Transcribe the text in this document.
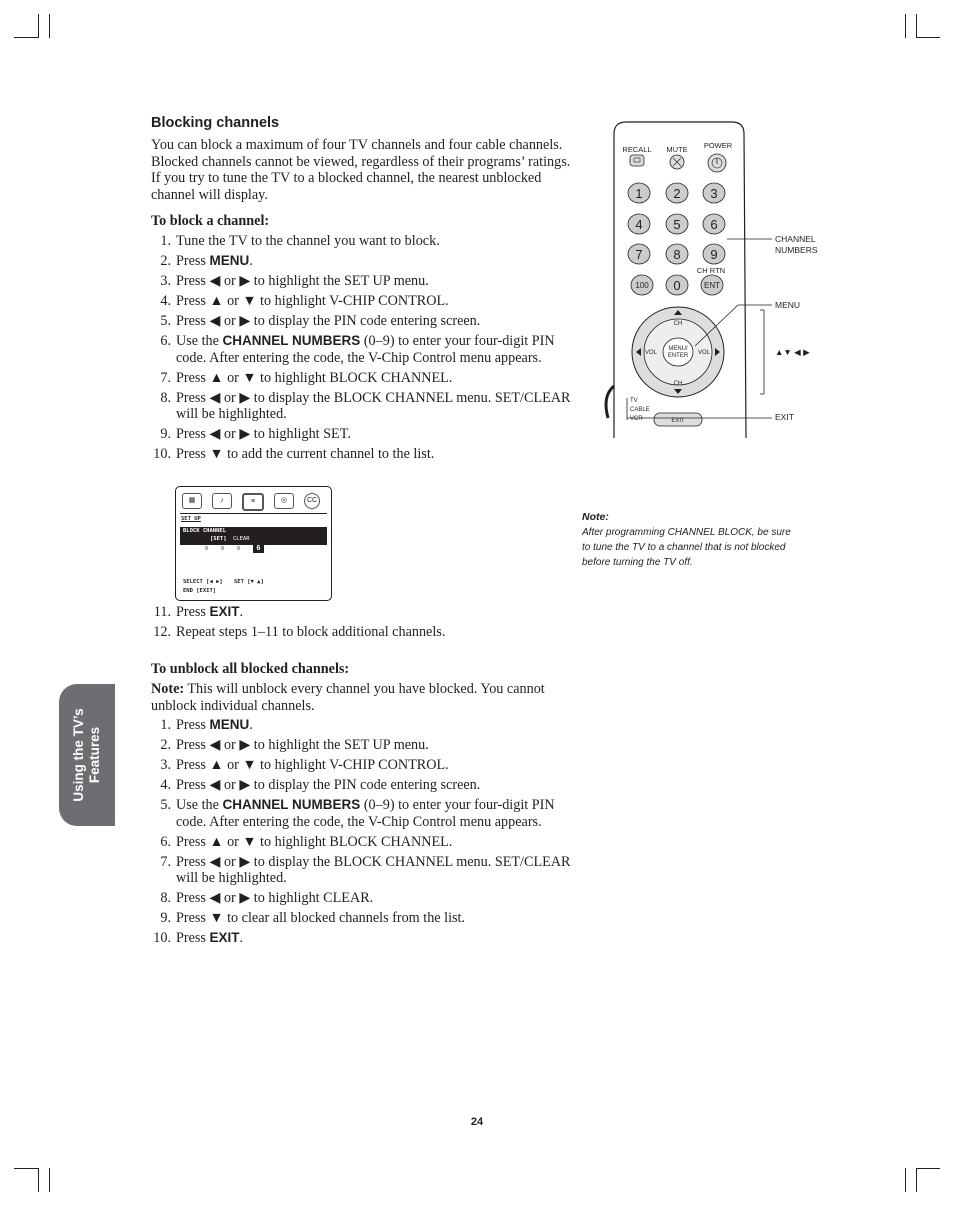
Blocking channels

You can block a maximum of four TV channels and four cable channels. Blocked channels cannot be viewed, regardless of their programs’ ratings. If you try to tune the TV to a blocked channel, the nearest unblocked channel will display.

To block a channel:

1. Tune the TV to the channel you want to block.
2. Press MENU.
3. Press ◀ or ▶ to highlight the SET UP menu.
4. Press ▲ or ▼ to highlight V-CHIP CONTROL.
5. Press ◀ or ▶ to display the PIN code entering screen.
6. Use the CHANNEL NUMBERS (0–9) to enter your four-digit PIN code. After entering the code, the V-Chip Control menu appears.
7. Press ▲ or ▼ to highlight BLOCK CHANNEL.
8. Press ◀ or ▶ to display the BLOCK CHANNEL menu. SET/CLEAR will be highlighted.
9. Press ◀ or ▶ to highlight SET.
10. Press ▼ to add the current channel to the list.
▦	♪	≡	◎	CC
SET UP
BLOCK CHANNEL
[SET] CLEAR
0 0 0	6
SELECT [◀ ▶] SET [▼ ▲]
END [EXIT]
11. Press EXIT.
12. Repeat steps 1–11 to block additional channels.

To unblock all blocked channels:

Note: This will unblock every channel you have blocked. You cannot unblock individual channels.

1. Press MENU.
2. Press ◀ or ▶ to highlight the SET UP menu.
3. Press ▲ or ▼ to highlight V-CHIP CONTROL.
4. Press ◀ or ▶ to display the PIN code entering screen.
5. Use the CHANNEL NUMBERS (0–9) to enter your four-digit PIN code. After entering the code, the V-Chip Control menu appears.
6. Press ▲ or ▼ to highlight BLOCK CHANNEL.
7. Press ◀ or ▶ to display the BLOCK CHANNEL menu. SET/CLEAR will be highlighted.
8. Press ◀ or ▶ to highlight CLEAR.
9. Press ▼ to clear all blocked channels from the list.
10. Press EXIT.
1 2 3
4 5 6
7 8 9
0
100	ENT
RECALL MUTE POWER
CH RTN
CH
CH
VOL	VOL
MENU/
ENTER
EXIT
TV
CABLE
VCR
CHANNEL
NUMBERS
MENU
▲▼ ◀ ▶
EXIT
Note:
After programming CHANNEL BLOCK, be sure to tune the TV to a channel that is not blocked before turning the TV off.
Using the TV’s
Features
24
